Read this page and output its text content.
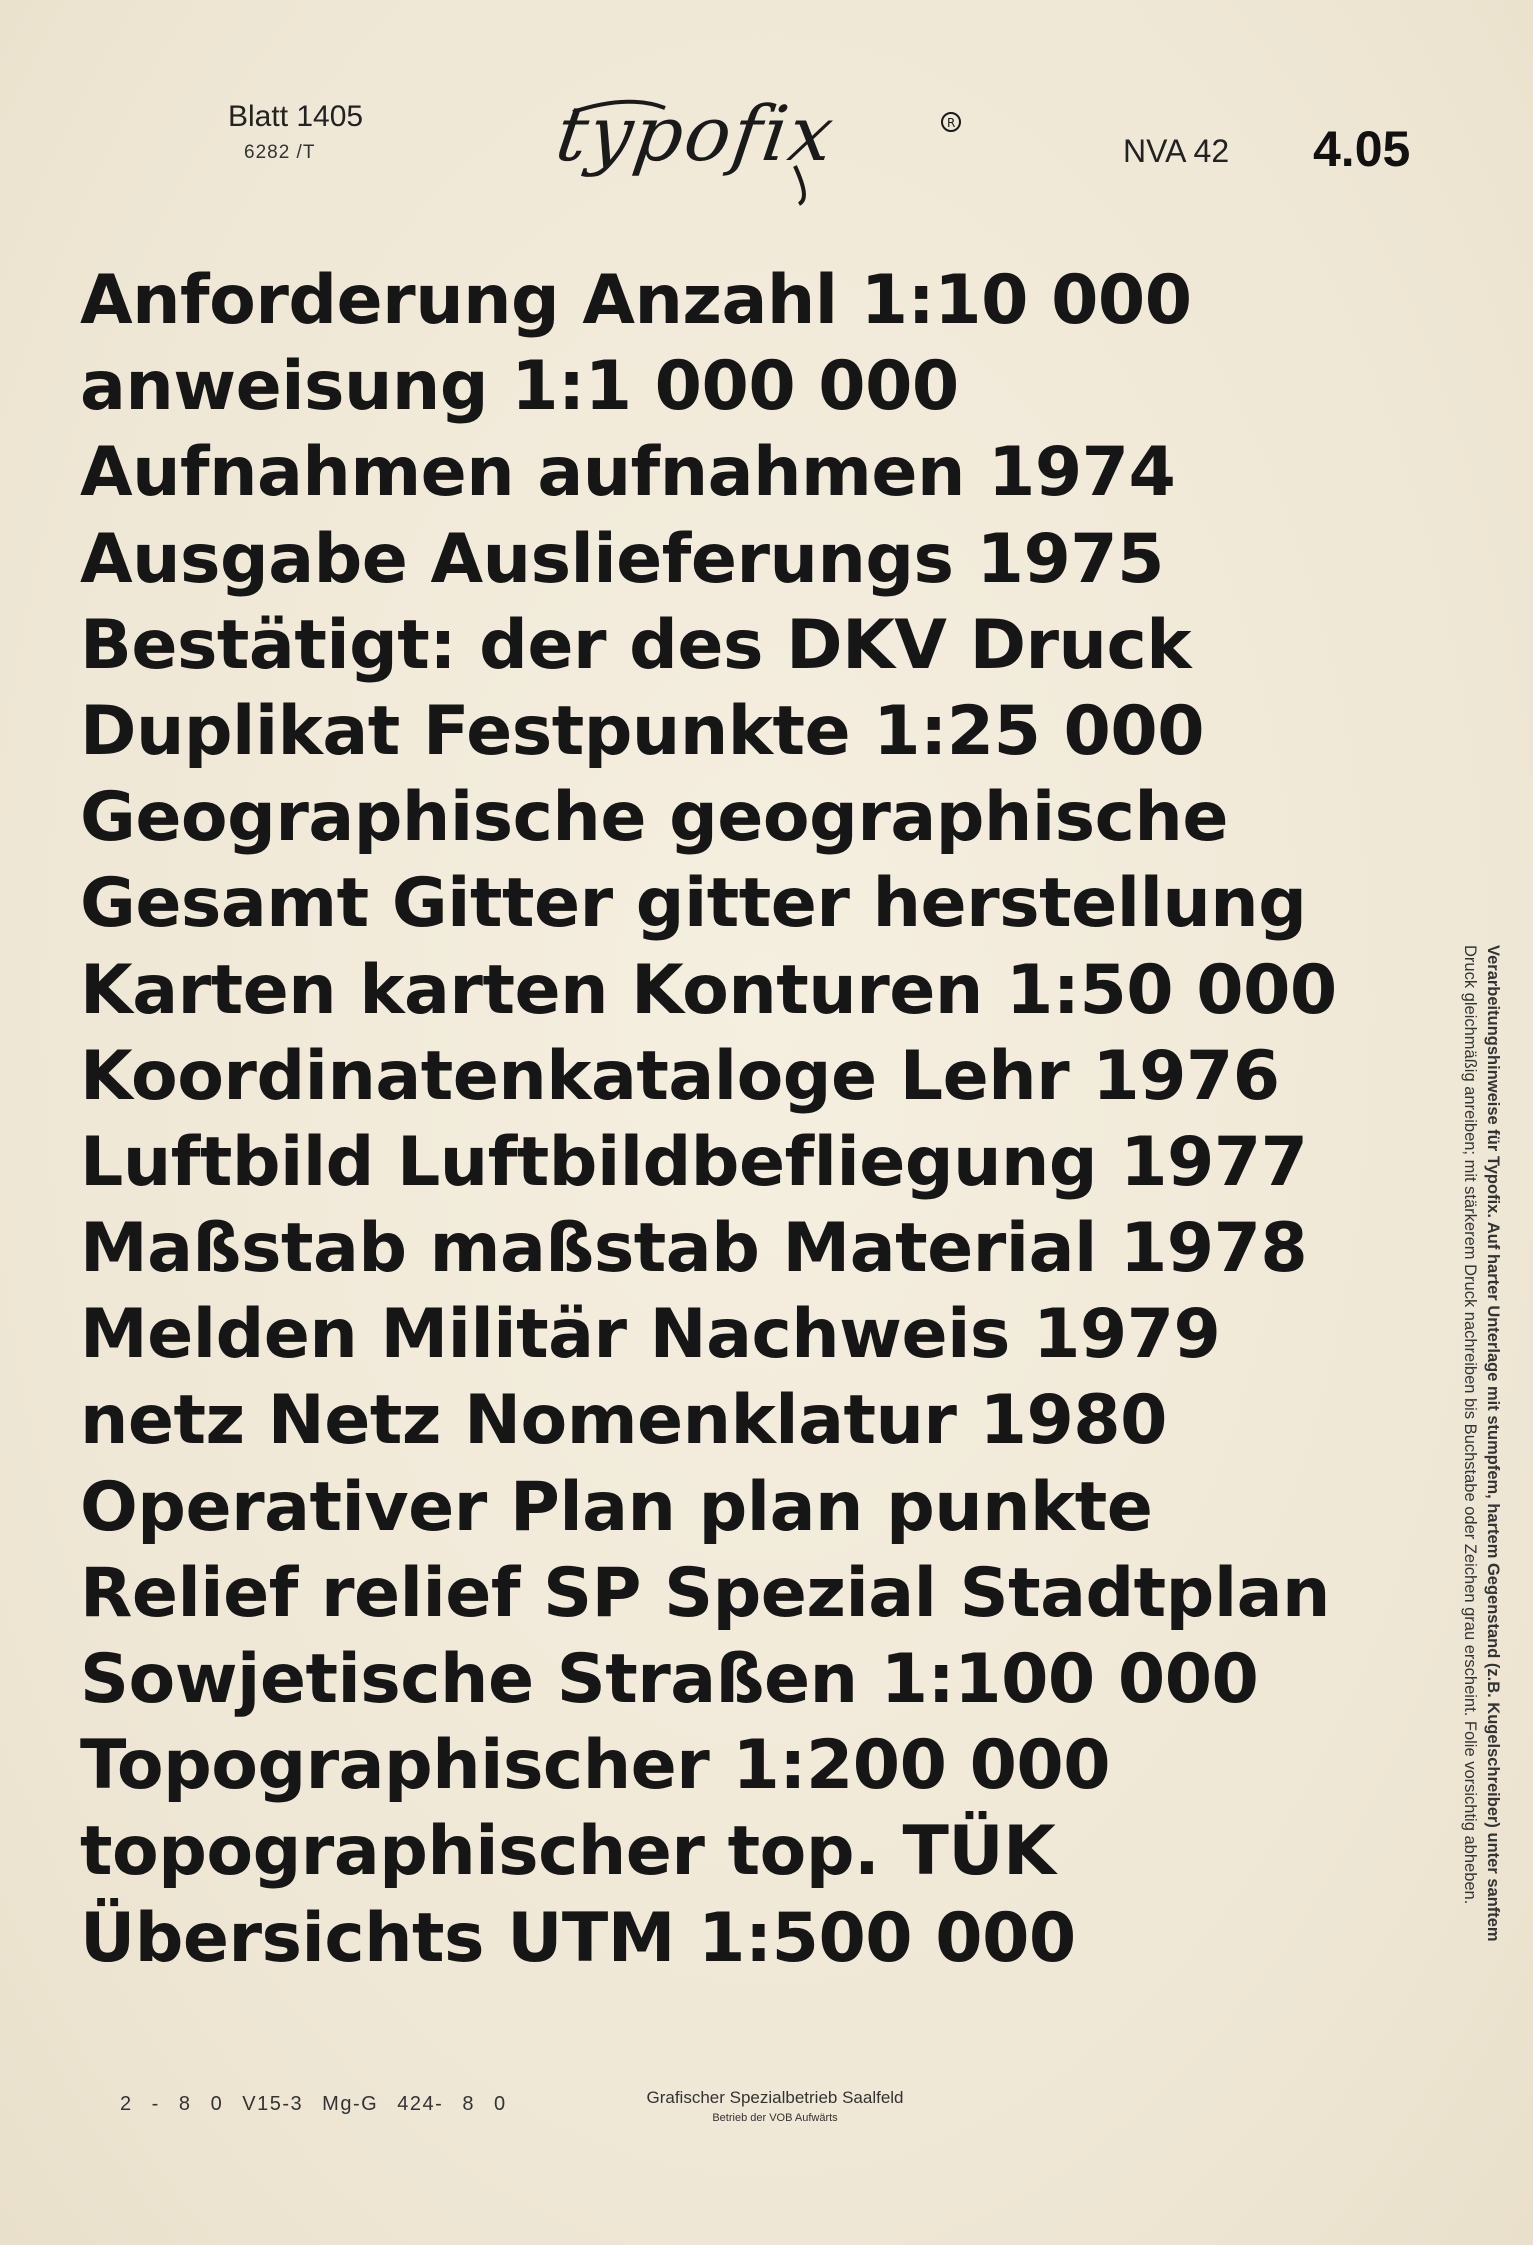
Blatt 1405
6282 /T	typofix	R
NVA 42 4.05
Anforderung Anzahl 1:10 000
anweisung 1:1 000 000
Aufnahmen aufnahmen 1974
Ausgabe Auslieferungs 1975
Bestätigt: der des DKV Druck
Duplikat Festpunkte 1:25 000
Geographische geographische
Gesamt Gitter gitter herstellung
Karten karten Konturen 1:50 000
Koordinatenkataloge Lehr 1976
Luftbild Luftbildbefliegung 1977
Maßstab maßstab Material 1978
Melden Militär Nachweis 1979
netz Netz Nomenklatur 1980
Operativer Plan plan punkte
Relief relief SP Spezial Stadtplan
Sowjetische Straßen 1:100 000
Topographischer 1:200 000
topographischer top. TÜK
Übersichts UTM 1:500 000	Verarbeitungshinweise für Typofix. Auf harter Unterlage mit stumpfem, hartem Gegenstand (z.B. Kugelschreiber) unter sanftem
Druck gleichmäßig anreiben; mit stärkerem Druck nachreiben bis Buchstabe oder Zeichen grau erscheint. Folie vorsichtig abheben.
2 - 8 0 V15-3 Mg-G 424- 8 0	Grafischer Spezialbetrieb Saalfeld
Betrieb der VOB Aufwärts
